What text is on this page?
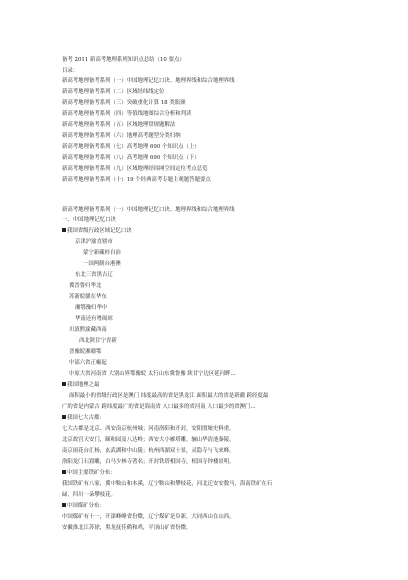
备考 2011 新高考地理系列知识点总结（10 要点）
目录：
新高考地理备考系列（一）中国地理记忆口诀、地理界线和综合地理界线
新高考地理备考系列（二）区域经纬线定位
新高考地理备考系列（三）突破重化计算 18 类瓶颈
新高考地理备考系列（四）等值线地图综合分析和判读
新高考地理备考系列（五）区域地理常规题解法
新高考地理备考系列（六）地理高考题型分类归纳
新高考地理备考系列（七）高考地理 690 个知识点（上）
新高考地理备考系列（八）高考地理 690 个知识点（下）
新高考地理备考系列（九）区域地理经纬网空间定位考点总览
新高考地理备考系列（十）19 个经典高考专题主观题答题要点
新高考地理备考系列（一）中国地理记忆口诀、地理界线和综合地理界线
一、中国地理记忆口诀
我国省级行政区域记忆口诀
京津沪渝直辖市
蒙宁新藏桂自治
一国两制台港澳
东北三省黑吉辽
冀晋鲁归华北
苏浙皖赣在华东
湘鄂豫归华中
华南还有粤闽琼
川滇黔渝藏西南
西北陕甘宁青新
晋豫皖湘赣鄂
中部六省正崛起
中原大省河南省 大别山界鄂豫皖 太行山东冀鲁豫 陕甘宁边区延河畔...
我国地理之最
面积最小的省级行政区是澳门 纬度最高的省是黑龙江 面积最大的省是新疆 跨经度最
广的省是内蒙古 跨纬度最广的省是海南省 人口最多的省河南 人口最少的省澳门...
我国七大古都：
七大古都是北京、西安南京杭州城；河南洛阳和开封，安阳殷墟史料重。
北京故宫天安门，颐和园及八达岭；西安大小雁塔雕，骊山华清池秦陵。
南京雨花台汇杨，玄武湖和中山陵；杭州西湖双十景，灵隐寺与飞来峰。
洛阳龙门石窟雕，白马少林寺著名；开封铁塔相国寺，相国寺钟楼景明。
中国主要铁矿分布：
我国铁矿有八家，冀中鞍山和本溪，辽宁鞍山和攀枝花，河北迁安安数马，海南铁矿在石
碌，四川一朵攀枝花。
中国煤矿分布：
中国煤矿有十一，开滦峰峰省份微，辽宁煤矿是阜新，大同西山在山西，
安徽淮北江苏徐，黑龙抚佳鹤和鸡，平顶山矿省份微。
